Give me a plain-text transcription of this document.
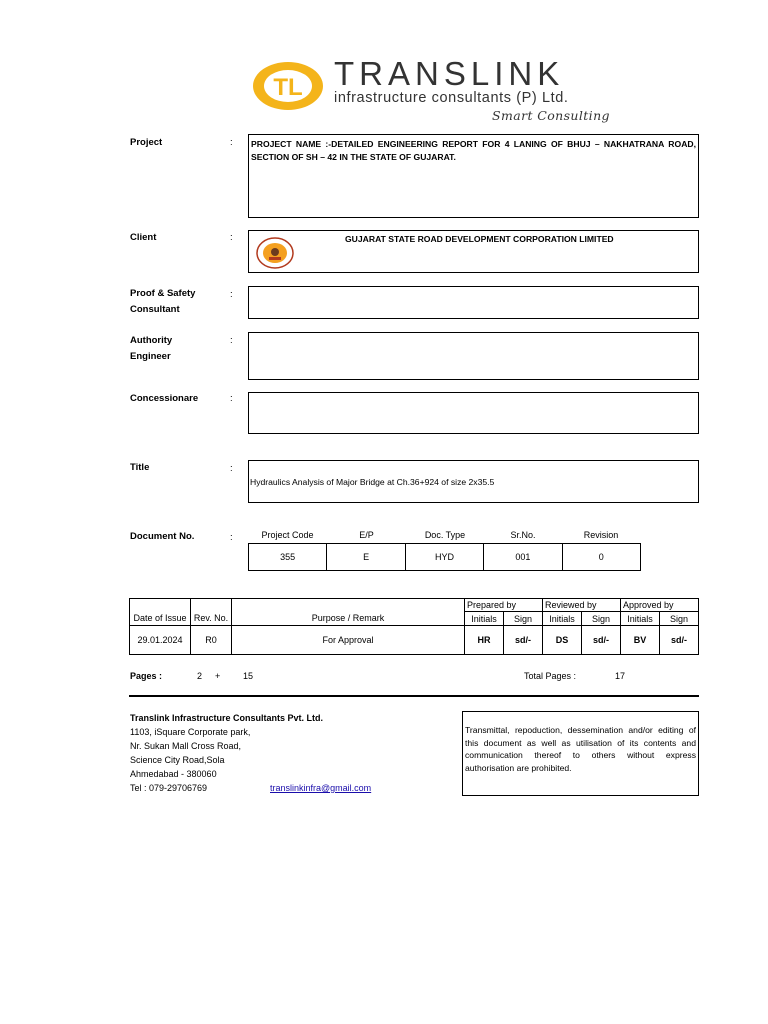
TL TRANSLINK
infrastructure consultants (P) Ltd.
Smart Consulting
Project	: PROJECT NAME :-DETAILED ENGINEERING REPORT FOR 4 LANING OF BHUJ – NAKHATRANA ROAD, SECTION OF SH – 42 IN THE STATE OF GUJARAT.
Client	:	GUJARAT STATE ROAD DEVELOPMENT CORPORATION LIMITED
Proof & Safety
Consultant
:
Authority
Engineer
:
Concessionare	:
Title	:
Hydraulics Analysis of Major Bridge at Ch.36+924 of size 2x35.5
Document No.	:	Project Code	E/P	Doc. Type	Sr.No.	Revision
355	E	HYD	001	0
Date of Issue	Rev. No.	Purpose / Remark	Prepared by		Reviewed by		Approved by	
			Initials	Sign	Initials	Sign	Initials	Sign
29.01.2024	R0	For Approval	HR	sd/-	DS	sd/-	BV	sd/-
Pages :	2 +	15	Total Pages :	17
Translink Infrastructure Consultants Pvt. Ltd.
1103, iSquare Corporate park,
Nr. Sukan Mall Cross Road,
Science City Road,Sola
Ahmedabad - 380060
Tel : 079-29706769	translinkinfra@gmail.com
Transmittal, repoduction, dessemination and/or editing of this document as well as utilisation of its contents and communication thereof to others without express authorisation are prohibited.
